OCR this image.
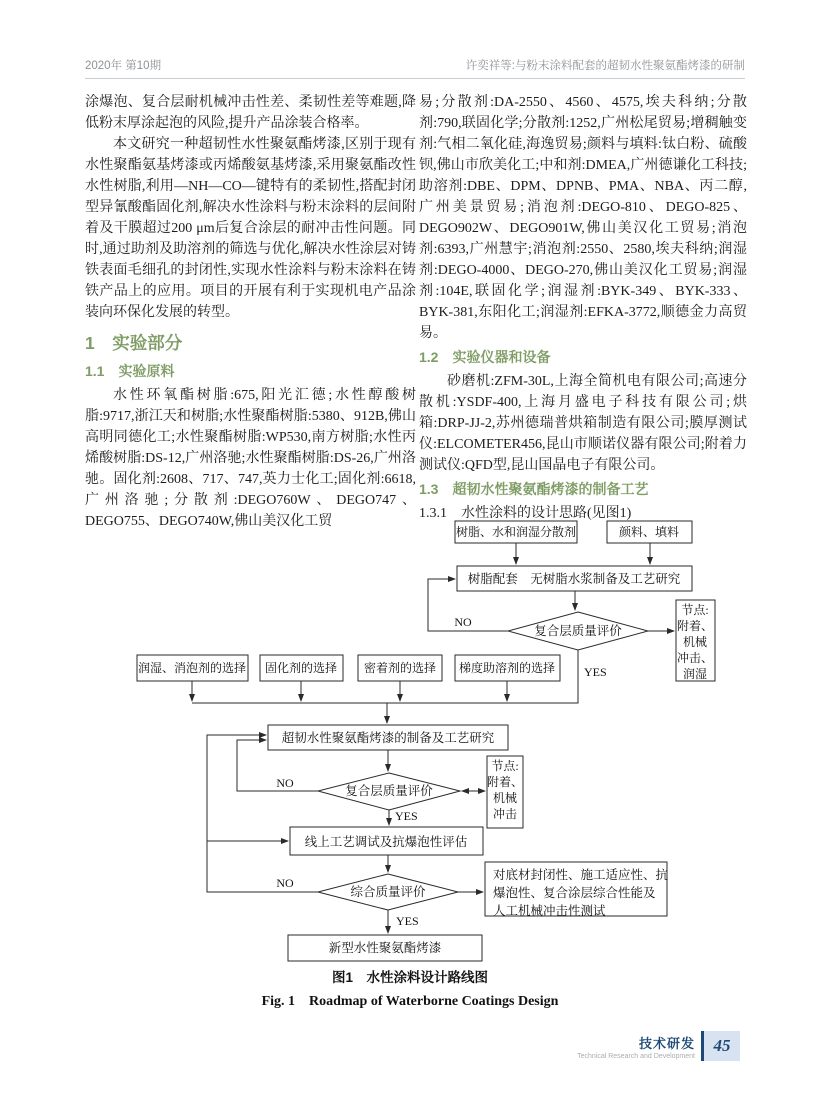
2020年 第10期	许奕祥等:与粉末涂料配套的超韧水性聚氨酯烤漆的研制

涂爆泡、复合层耐机械冲击性差、柔韧性差等难题,降低粉末厚涂起泡的风险,提升产品涂装合格率。

本文研究一种超韧性水性聚氨酯烤漆,区别于现有水性聚酯氨基烤漆或丙烯酸氨基烤漆,采用聚氨酯改性水性树脂,利用—NH—CO—键特有的柔韧性,搭配封闭型异氰酸酯固化剂,解决水性涂料与粉末涂料的层间附着及干膜超过200 μm后复合涂层的耐冲击性问题。同时,通过助剂及助溶剂的筛选与优化,解决水性涂层对铸铁表面毛细孔的封闭性,实现水性涂料与粉末涂料在铸铁产品上的应用。项目的开展有利于实现机电产品涂装向环保化发展的转型。

1　实验部分
1.1　实验原料

水性环氧酯树脂:675,阳光汇德;水性醇酸树脂:9717,浙江天和树脂;水性聚酯树脂:5380、912B,佛山高明同德化工;水性聚酯树脂:WP530,南方树脂;水性丙烯酸树脂:DS-12,广州洛驰;水性聚酯树脂:DS-26,广州洛驰。固化剂:2608、717、747,英力士化工;固化剂:6618,广州洛驰;分散剂:DEGO760W、DEGO747、DEGO755、DEGO740W,佛山美汉化工贸

易;分散剂:DA-2550、4560、4575,埃夫科纳;分散剂:790,联固化学;分散剂:1252,广州松尾贸易;增稠触变剂:气相二氧化硅,海逸贸易;颜料与填料:钛白粉、硫酸钡,佛山市欣美化工;中和剂:DMEA,广州德谦化工科技;助溶剂:DBE、DPM、DPNB、PMA、NBA、丙二醇,广州美景贸易;消泡剂:DEGO-810、DEGO-825、DEGO902W、DEGO901W,佛山美汉化工贸易;消泡剂:6393,广州慧宇;消泡剂:2550、2580,埃夫科纳;润湿剂:DEGO-4000、DEGO-270,佛山美汉化工贸易;润湿剂:104E,联固化学;润湿剂:BYK-349、BYK-333、BYK-381,东阳化工;润湿剂:EFKA-3772,顺德金力高贸易。

1.2　实验仪器和设备

砂磨机:ZFM-30L,上海全简机电有限公司;高速分散机:YSDF-400,上海月盛电子科技有限公司;烘箱:DRP-JJ-2,苏州德瑞普烘箱制造有限公司;膜厚测试仪:ELCOMETER456,昆山市顺诺仪器有限公司;附着力测试仪:QFD型,昆山国晶电子有限公司。

1.3　超韧水性聚氨酯烤漆的制备工艺

1.3.1　水性涂料的设计思路(见图1)

树脂、水和润湿分散剂	颜料、填料
树脂配套　无树脂水浆制备及工艺研究
复合层质量评价
节点:
附着、
机械
冲击、
润湿
润湿、消泡剂的选择 固化剂的选择 密着剂的选择 梯度助溶剂的选择
超韧水性聚氨酯烤漆的制备及工艺研究
复合层质量评价
节点:
附着、
机械
冲击
线上工艺调试及抗爆泡性评估
综合质量评价
对底材封闭性、施工适应性、抗
爆泡性、复合涂层综合性能及
人工机械冲击性测试
新型水性聚氨酯烤漆
NO
YES
NO
YES
NO
YES
图1　水性涂料设计路线图
Fig. 1　Roadmap of Waterborne Coatings Design
技术研发
Technical Research and Development
45
